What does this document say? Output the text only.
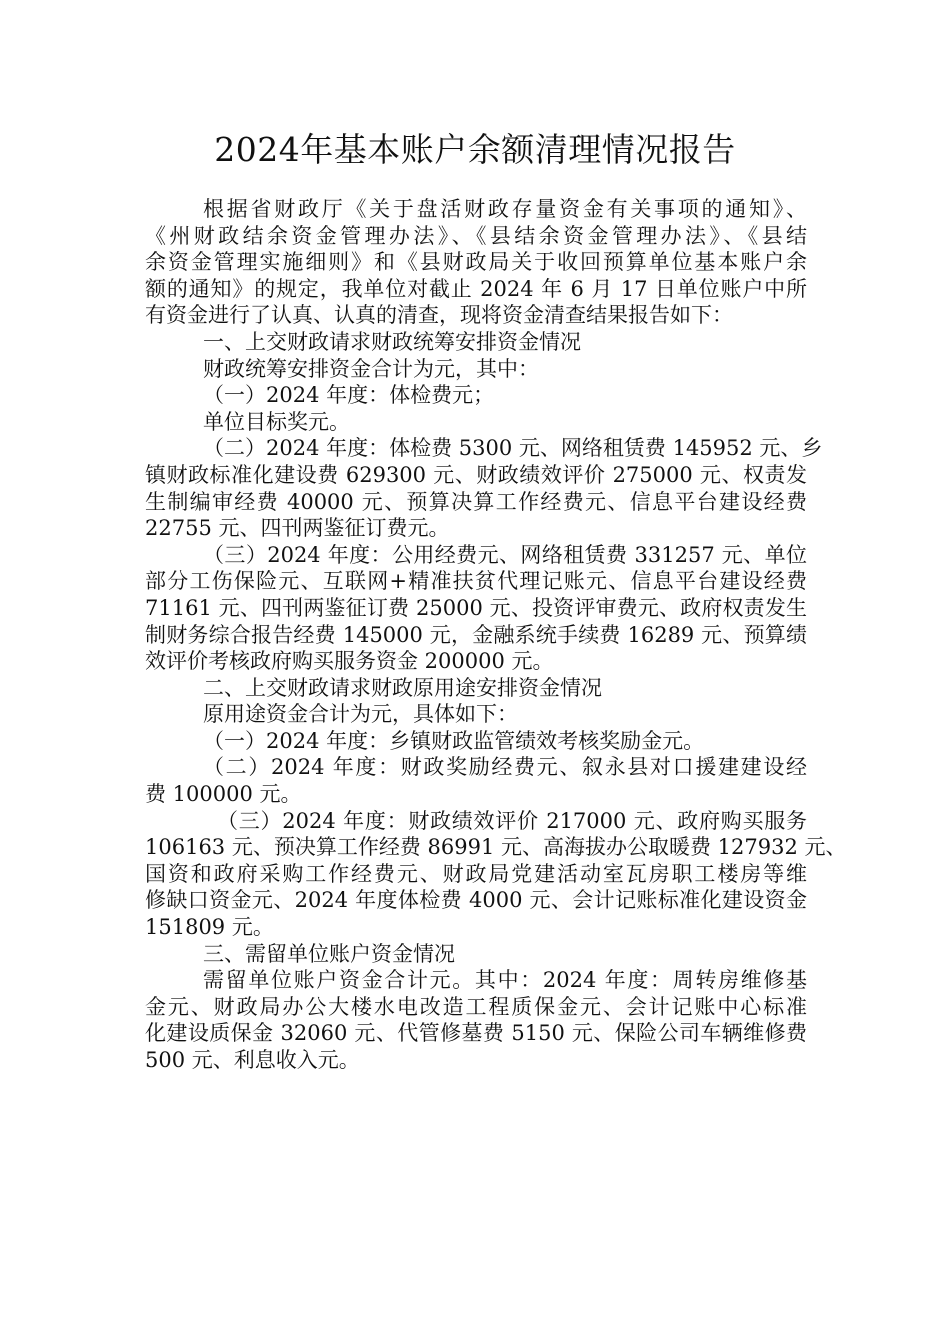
2024年基本账户余额清理情况报告
根据省财政厅《关于盘活财政存量资金有关事项的通知》、
《州财政结余资金管理办法》、《县结余资金管理办法》、《县结
余资金管理实施细则》和《县财政局关于收回预算单位基本账户余
额的通知》的规定，我单位对截止 2024 年 6 月 17 日单位账户中所
有资金进行了认真、认真的清查，现将资金清查结果报告如下：
一、上交财政请求财政统筹安排资金情况
财政统筹安排资金合计为元，其中：
（一）2024 年度：体检费元；
单位目标奖元。
（二）2024 年度：体检费 5300 元、网络租赁费 145952 元、乡
镇财政标准化建设费 629300 元、财政绩效评价 275000 元、权责发
生制编审经费 40000 元、预算决算工作经费元、信息平台建设经费
22755 元、四刊两鉴征订费元。
（三）2024 年度：公用经费元、网络租赁费 331257 元、单位
部分工伤保险元、互联网+精准扶贫代理记账元、信息平台建设经费
71161 元、四刊两鉴征订费 25000 元、投资评审费元、政府权责发生
制财务综合报告经费 145000 元，金融系统手续费 16289 元、预算绩
效评价考核政府购买服务资金 200000 元。
二、上交财政请求财政原用途安排资金情况
原用途资金合计为元，具体如下：
（一）2024 年度：乡镇财政监管绩效考核奖励金元。
（二）2024 年度：财政奖励经费元、叙永县对口援建建设经
费 100000 元。
（三）2024 年度：财政绩效评价 217000 元、政府购买服务
106163 元、预决算工作经费 86991 元、高海拔办公取暖费 127932 元、
国资和政府采购工作经费元、财政局党建活动室瓦房职工楼房等维
修缺口资金元、2024 年度体检费 4000 元、会计记账标准化建设资金
151809 元。
三、需留单位账户资金情况
需留单位账户资金合计元。其中：2024 年度：周转房维修基
金元、财政局办公大楼水电改造工程质保金元、会计记账中心标准
化建设质保金 32060 元、代管修墓费 5150 元、保险公司车辆维修费
500 元、利息收入元。
